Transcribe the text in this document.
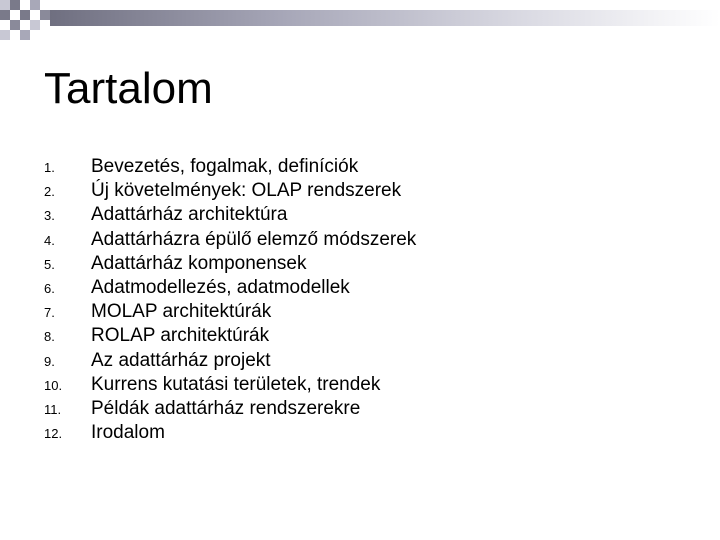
Tartalom
1.	Bevezetés, fogalmak, definíciók
2.	Új követelmények: OLAP rendszerek
3.	Adattárház architektúra
4.	Adattárházra épülő elemző módszerek
5.	Adattárház komponensek
6.	Adatmodellezés, adatmodellek
7.	MOLAP architektúrák
8.	ROLAP architektúrák
9.	Az adattárház projekt
10.	Kurrens kutatási területek, trendek
11.	Példák adattárház rendszerekre
12.	Irodalom
